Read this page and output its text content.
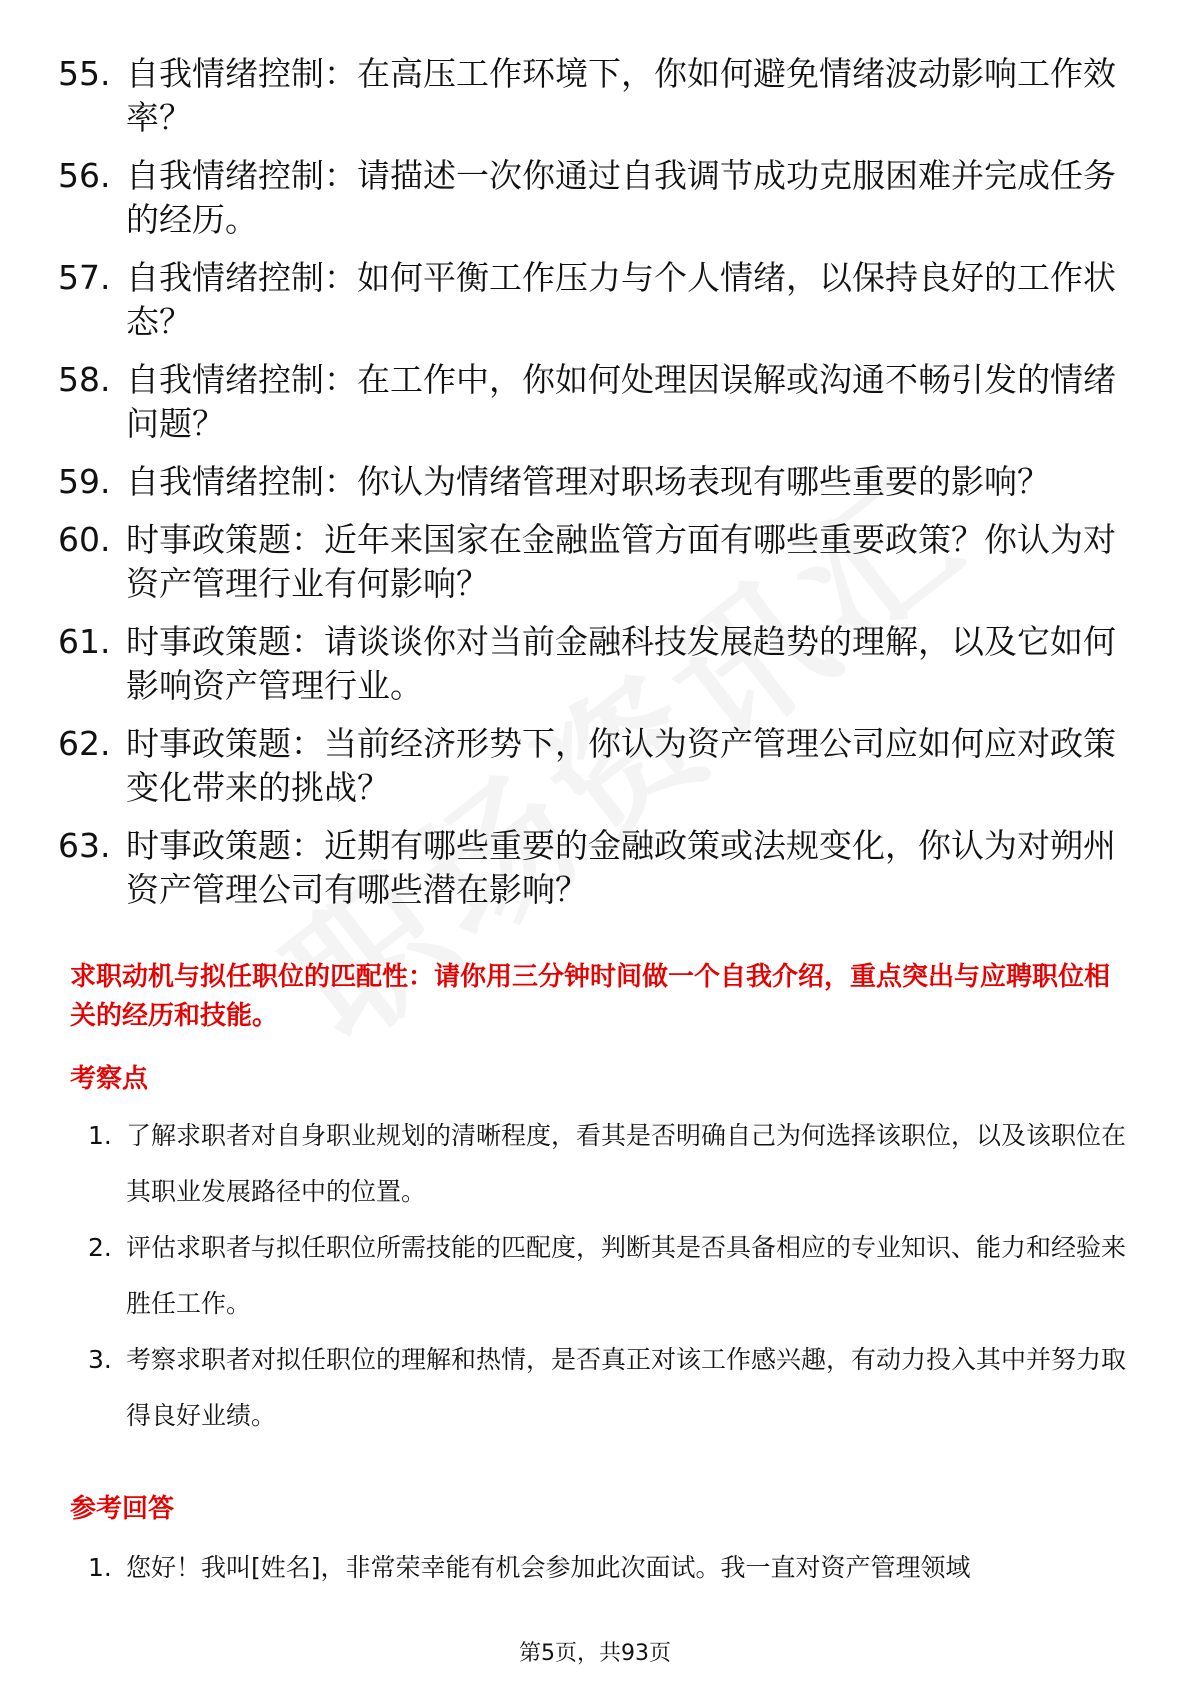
55. 自我情绪控制：在高压工作环境下，你如何避免情绪波动影响工作效率？
56. 自我情绪控制：请描述一次你通过自我调节成功克服困难并完成任务的经历。
57. 自我情绪控制：如何平衡工作压力与个人情绪，以保持良好的工作状态？
58. 自我情绪控制：在工作中，你如何处理因误解或沟通不畅引发的情绪问题？
59. 自我情绪控制：你认为情绪管理对职场表现有哪些重要的影响？
60. 时事政策题：近年来国家在金融监管方面有哪些重要政策？你认为对资产管理行业有何影响？
61. 时事政策题：请谈谈你对当前金融科技发展趋势的理解，以及它如何影响资产管理行业。
62. 时事政策题：当前经济形势下，你认为资产管理公司应如何应对政策变化带来的挑战？
63. 时事政策题：近期有哪些重要的金融政策或法规变化，你认为对朔州资产管理公司有哪些潜在影响？
求职动机与拟任职位的匹配性：请你用三分钟时间做一个自我介绍，重点突出与应聘职位相关的经历和技能。
考察点
1. 了解求职者对自身职业规划的清晰程度，看其是否明确自己为何选择该职位，以及该职位在其职业发展路径中的位置。
2. 评估求职者与拟任职位所需技能的匹配度，判断其是否具备相应的专业知识、能力和经验来胜任工作。
3. 考察求职者对拟任职位的理解和热情，是否真正对该工作感兴趣，有动力投入其中并努力取得良好业绩。
参考回答
1. 您好！我叫[姓名]，非常荣幸能有机会参加此次面试。我一直对资产管理领域
第5页，共93页
